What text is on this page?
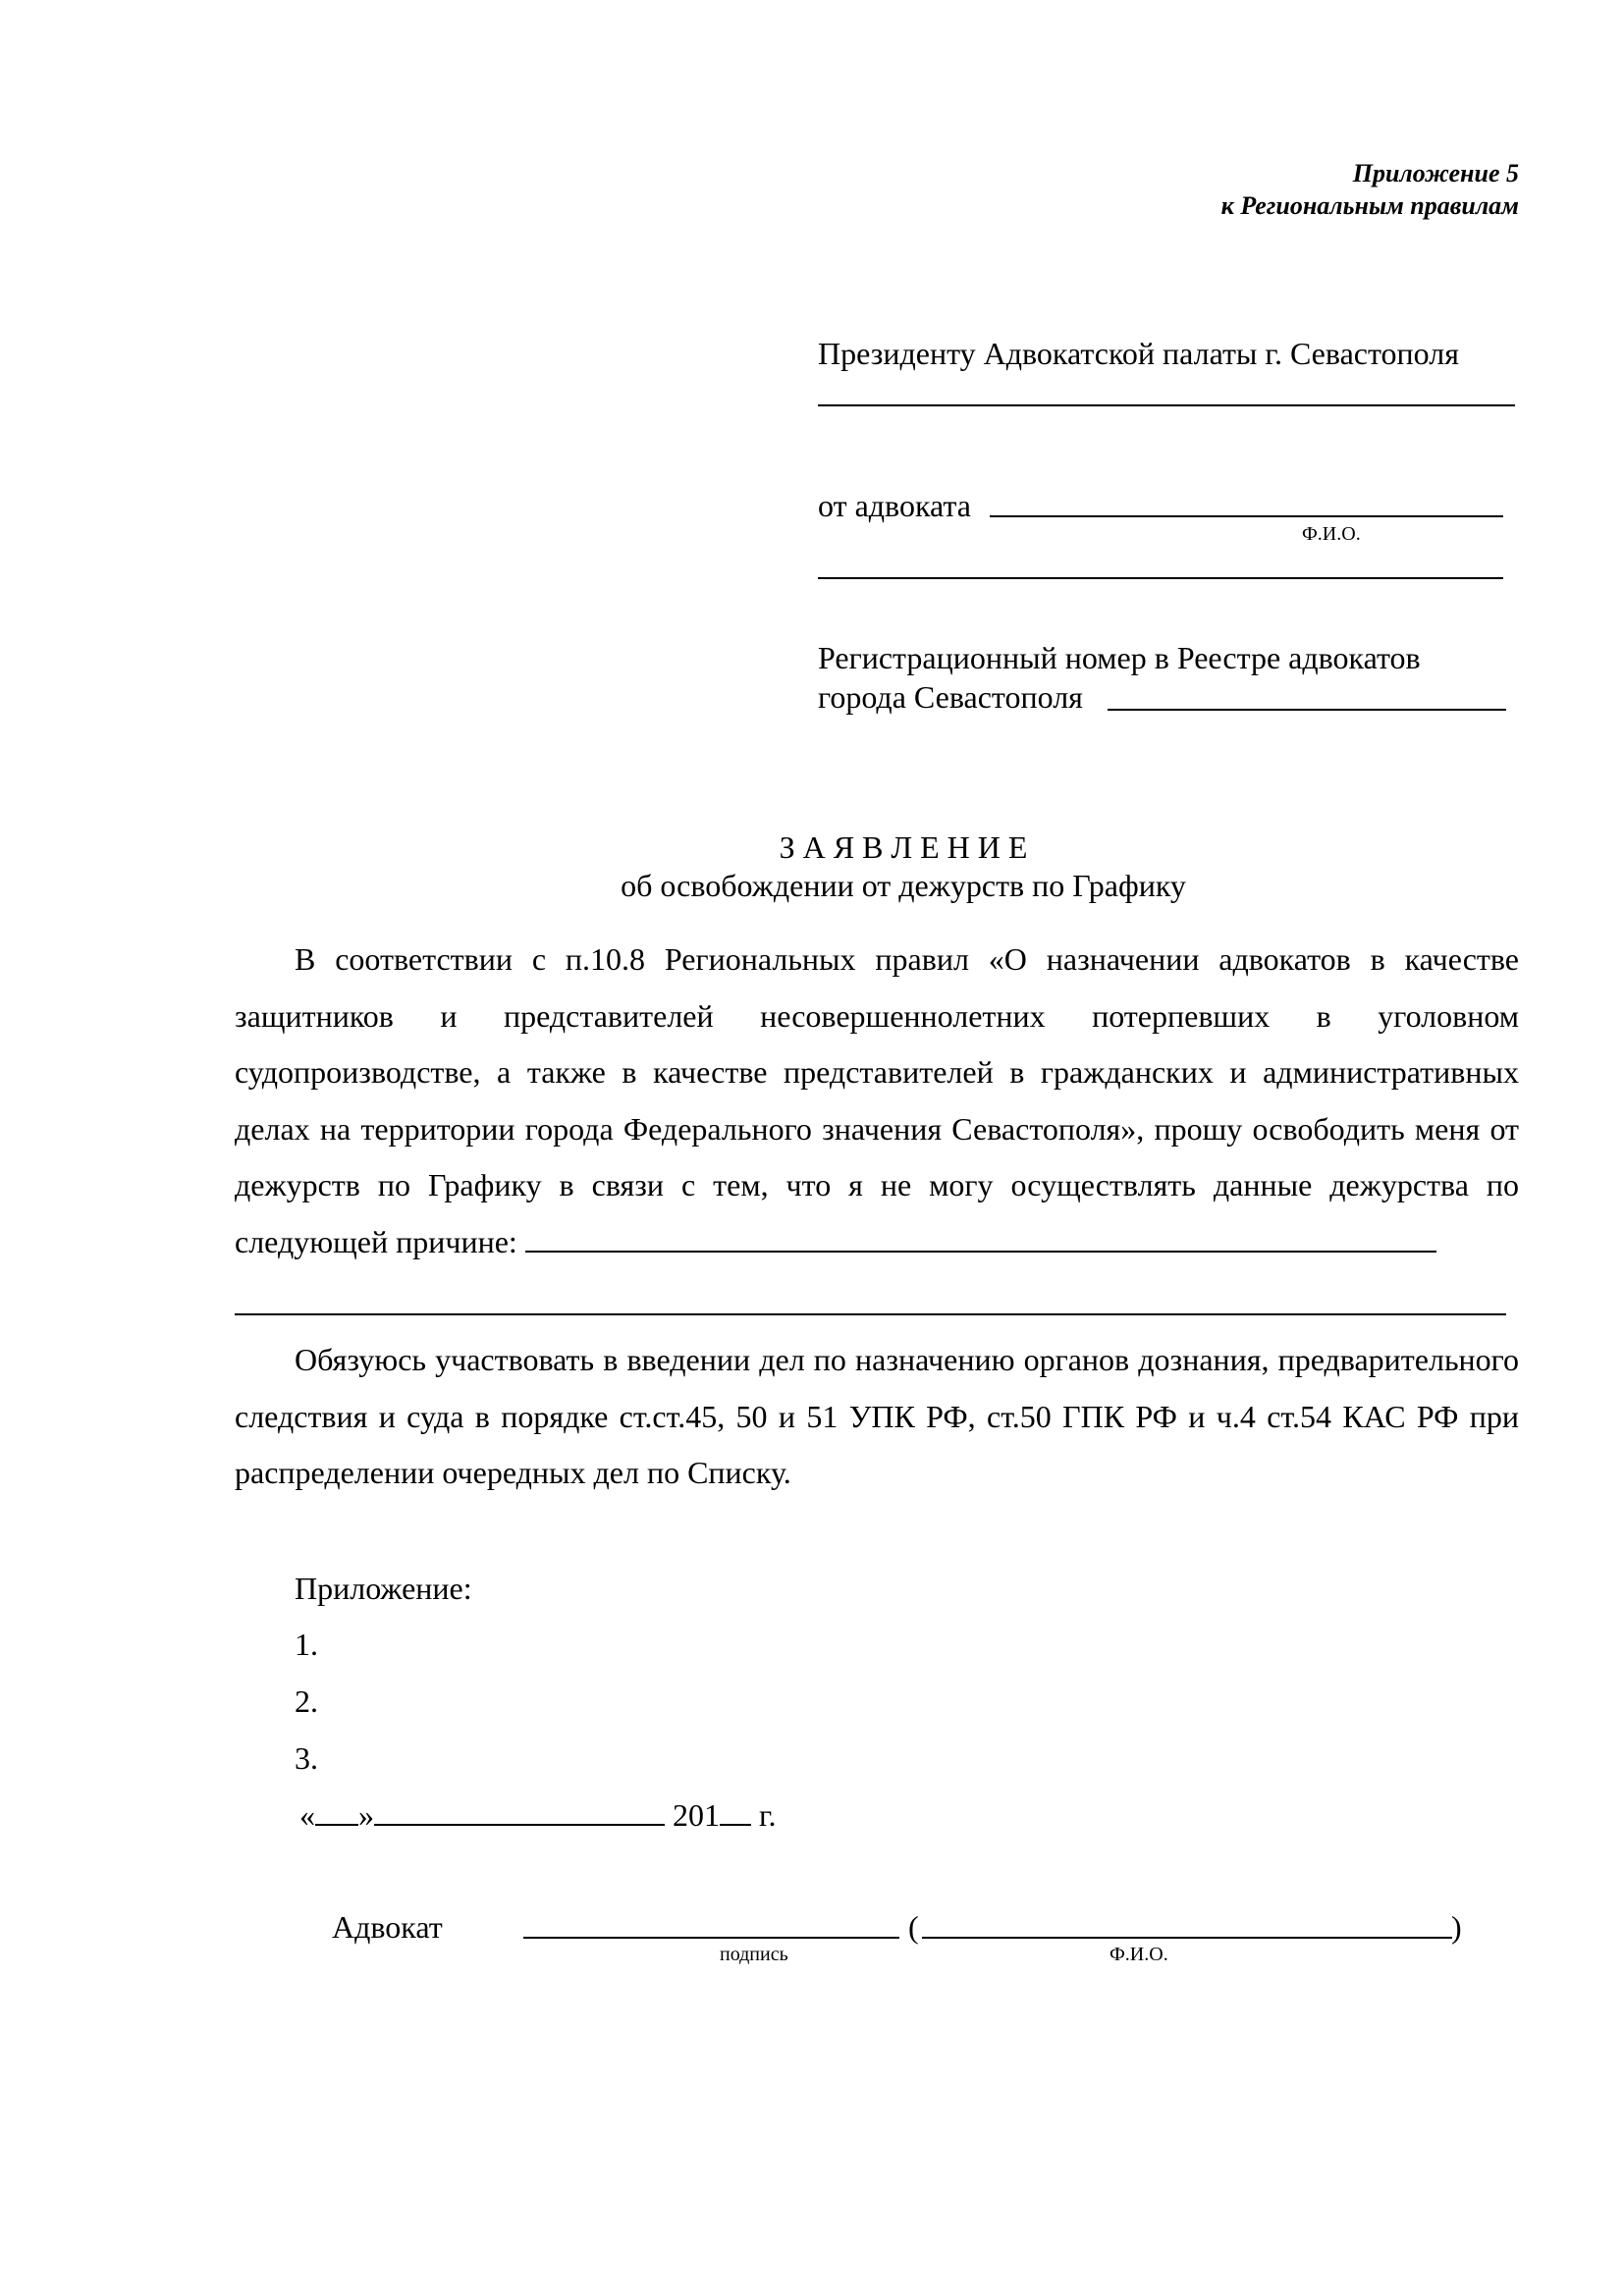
Приложение 5
к Региональным правилам
Президенту Адвокатской палаты г. Севастополя
от адвоката
Ф.И.О.
Регистрационный номер в Реестре адвокатов
города Севастополя
З А Я В Л Е Н И Е
об освобождении от дежурств по Графику

В соответствии с п.10.8 Региональных правил «О назначении адвокатов в качестве защитников и представителей несовершеннолетних потерпевших в уголовном судопроизводстве, а также в качестве представителей в гражданских и административных делах на территории города Федерального значения Севастополя», прошу освободить меня от дежурств по Графику в связи с тем, что я не могу осуществлять данные дежурства по следующей причине:

Обязуюсь участвовать в введении дел по назначению органов дознания, предварительного следствия и суда в порядке ст.ст.45, 50 и 51 УПК РФ, ст.50 ГПК РФ и ч.4 ст.54 КАС РФ при распределении очередных дел по Списку.

Приложение:
1.
2.
3.
« »	201 г.
Адвокат	(	)
подпись	Ф.И.О.
